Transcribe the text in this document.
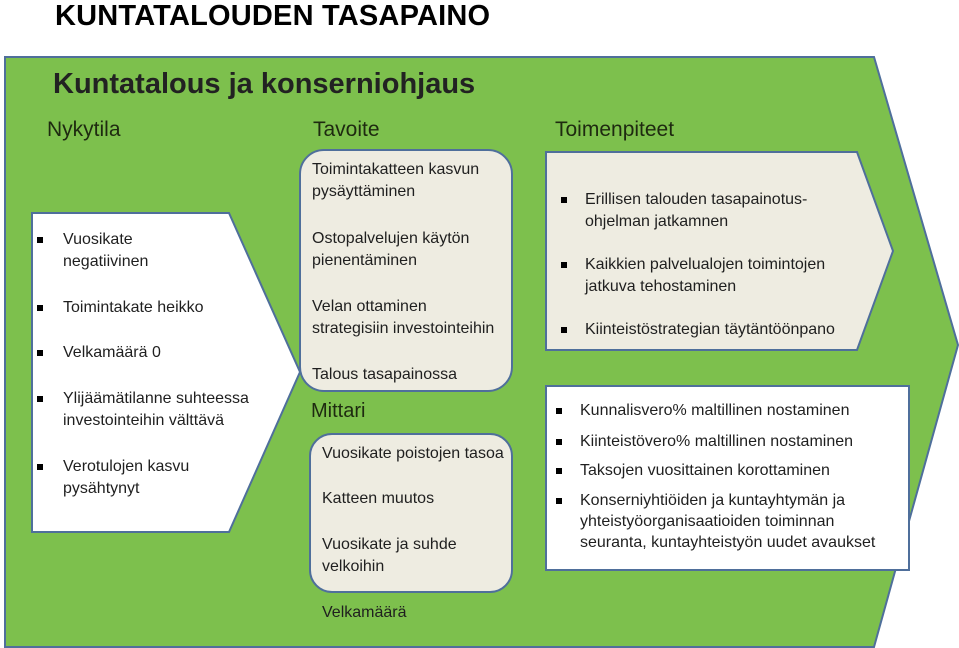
KUNTATALOUDEN TASAPAINO
Kuntatalous ja konserniohjaus
Nykytila	Tavoite	Toimenpiteet
Vuosikate negatiivinen
Toimintakate heikko
Velkamäärä 0
Ylijäämätilanne suhteessa investointeihin välttävä
Verotulojen kasvu pysähtynyt
Toimintakatteen kasvun pysäyttäminen
Ostopalvelujen käytön pienentäminen
Velan ottaminen strategisiin investointeihin
Talous tasapainossa
Mittari
Vuosikate poistojen tasoa
Katteen muutos
Vuosikate ja suhde velkoihin
Velkamäärä
Erillisen talouden tasapainotus-ohjelman jatkamnen
Kaikkien palvelualojen toimintojen jatkuva tehostaminen
Kiinteistöstrategian täytäntöönpano
Kunnalisvero% maltillinen nostaminen
Kiinteistövero% maltillinen nostaminen
Taksojen vuosittainen korottaminen
Konserniyhtiöiden ja kuntayhtymän ja yhteistyöorganisaatioiden toiminnan seuranta, kuntayhteistyön uudet avaukset
